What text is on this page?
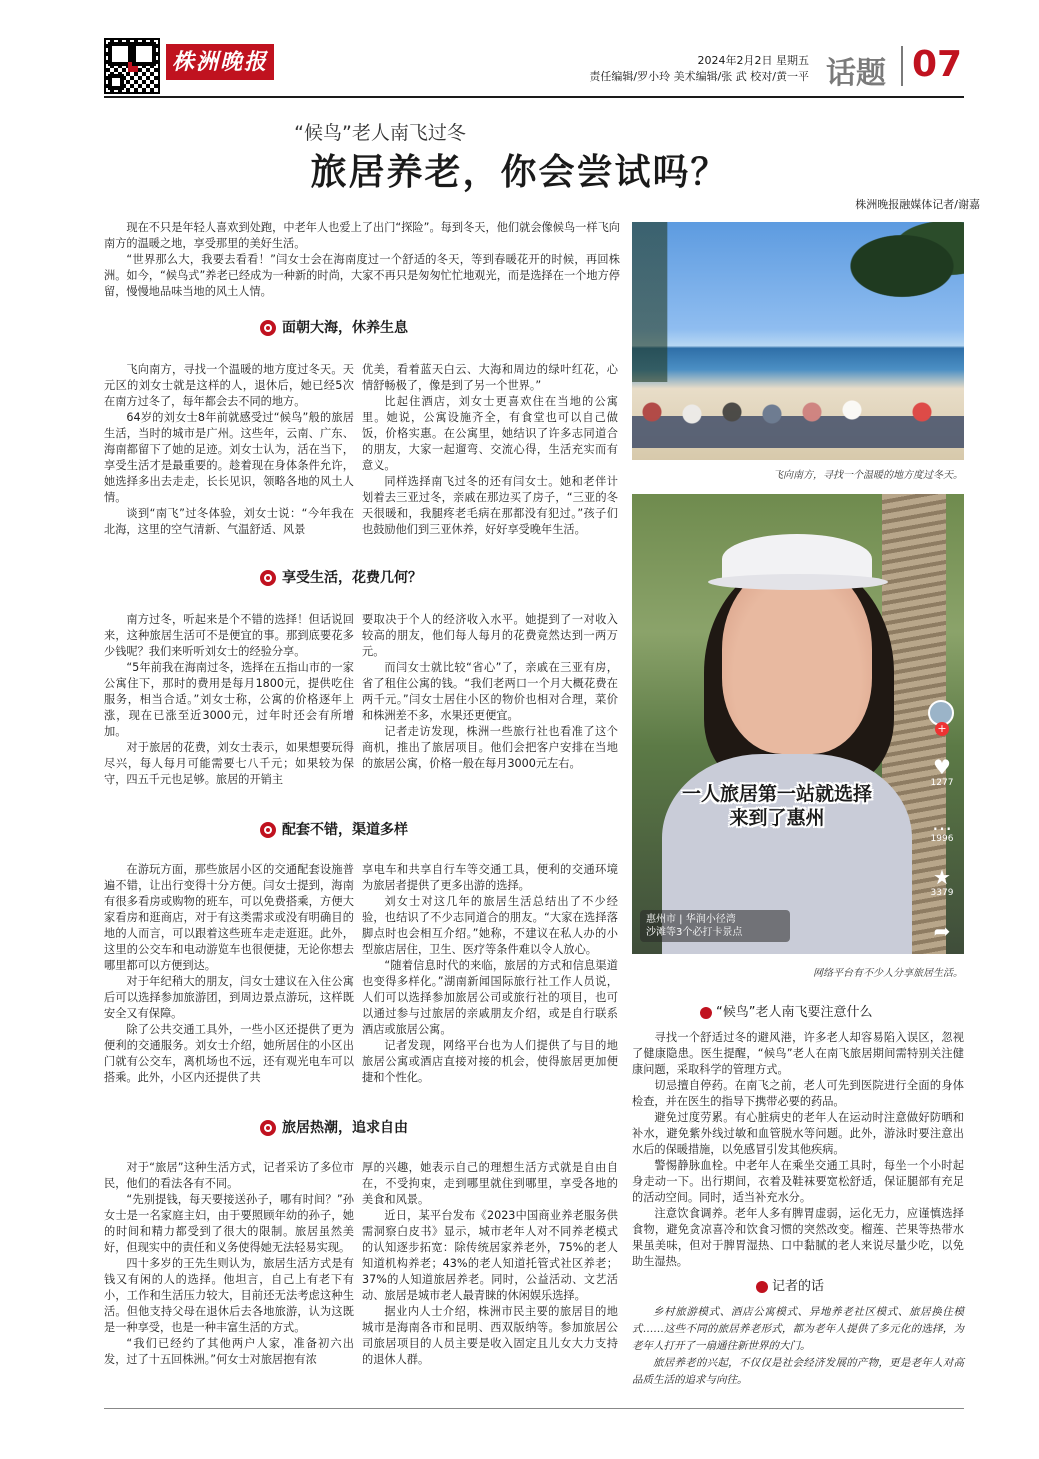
株洲晚报	2024年2月2日 星期五
责任编辑/罗小玲 美术编辑/张 武 校对/黄一平 话题 07
“候鸟”老人南飞过冬
旅居养老，你会尝试吗？
株洲晚报融媒体记者/谢嘉

现在不只是年轻人喜欢到处跑，中老年人也爱上了出门“探险”。每到冬天，他们就会像候鸟一样飞向南方的温暖之地，享受那里的美好生活。

“世界那么大，我要去看看！”闫女士会在海南度过一个舒适的冬天，等到春暖花开的时候，再回株洲。如今，“候鸟式”养老已经成为一种新的时尚，大家不再只是匆匆忙忙地观光，而是选择在一个地方停留，慢慢地品味当地的风土人情。

面朝大海，休养生息

飞向南方，寻找一个温暖的地方度过冬天。天元区的刘女士就是这样的人，退休后，她已经5次在南方过冬了，每年都会去不同的地方。

64岁的刘女士8年前就感受过“候鸟”般的旅居生活，当时的城市是广州。这些年，云南、广东、海南都留下了她的足迹。刘女士认为，活在当下，享受生活才是最重要的。趁着现在身体条件允许，她选择多出去走走，长长见识，领略各地的风土人情。

谈到“南飞”过冬体验，刘女士说：“今年我在北海，这里的空气清新、气温舒适、风景

优美，看着蓝天白云、大海和周边的绿叶红花，心情舒畅极了，像是到了另一个世界。”

比起住酒店，刘女士更喜欢住在当地的公寓里。她说，公寓设施齐全，有食堂也可以自己做饭，价格实惠。在公寓里，她结识了许多志同道合的朋友，大家一起遛弯、交流心得，生活充实而有意义。

同样选择南飞过冬的还有闫女士。她和老伴计划着去三亚过冬，亲戚在那边买了房子，“三亚的冬天很暖和，我腿疼老毛病在那都没有犯过。”孩子们也鼓励他们到三亚休养，好好享受晚年生活。

享受生活，花费几何？

南方过冬，听起来是个不错的选择！但话说回来，这种旅居生活可不是便宜的事。那到底要花多少钱呢？我们来听听刘女士的经验分享。

“5年前我在海南过冬，选择在五指山市的一家公寓住下，那时的费用是每月1800元，提供吃住服务，相当合适。”刘女士称，公寓的价格逐年上涨，现在已涨至近3000元，过年时还会有所增加。

对于旅居的花费，刘女士表示，如果想要玩得尽兴，每人每月可能需要七八千元；如果较为保守，四五千元也足够。旅居的开销主

要取决于个人的经济收入水平。她提到了一对收入较高的朋友，他们每人每月的花费竟然达到一两万元。

而闫女士就比较“省心”了，亲戚在三亚有房，省了租住公寓的钱。“我们老两口一个月大概花费在两千元。”闫女士居住小区的物价也相对合理，菜价和株洲差不多，水果还更便宜。

记者走访发现，株洲一些旅行社也看准了这个商机，推出了旅居项目。他们会把客户安排在当地的旅居公寓，价格一般在每月3000元左右。

配套不错，渠道多样

在游玩方面，那些旅居小区的交通配套设施普遍不错，让出行变得十分方便。闫女士提到，海南有很多看房或购物的班车，可以免费搭乘，方便大家看房和逛商店，对于有这类需求或没有明确目的地的人而言，可以跟着这些班车走走逛逛。此外，这里的公交车和电动游览车也很便捷，无论你想去哪里都可以方便到达。

对于年纪稍大的朋友，闫女士建议在入住公寓后可以选择参加旅游团，到周边景点游玩，这样既安全又有保障。

除了公共交通工具外，一些小区还提供了更为便利的交通服务。刘女士介绍，她所居住的小区出门就有公交车，离机场也不远，还有观光电车可以搭乘。此外，小区内还提供了共

享电车和共享自行车等交通工具，便利的交通环境为旅居者提供了更多出游的选择。

刘女士对这几年的旅居生活总结出了不少经验，也结识了不少志同道合的朋友。“大家在选择落脚点时也会相互介绍。”她称，不建议在私人办的小型旅店居住，卫生、医疗等条件难以令人放心。

“随着信息时代的来临，旅居的方式和信息渠道也变得多样化。”湖南新闻国际旅行社工作人员说，人们可以选择参加旅居公司或旅行社的项目，也可以通过参与过旅居的亲戚朋友介绍，或是自行联系酒店或旅居公寓。

记者发现，网络平台也为人们提供了与目的地旅居公寓或酒店直接对接的机会，使得旅居更加便捷和个性化。

旅居热潮，追求自由

对于“旅居”这种生活方式，记者采访了多位市民，他们的看法各有不同。

“先别提钱，每天要接送孙子，哪有时间？”孙女士是一名家庭主妇，由于要照顾年幼的孙子，她的时间和精力都受到了很大的限制。旅居虽然美好，但现实中的责任和义务使得她无法轻易实现。

四十多岁的王先生则认为，旅居生活方式是有钱又有闲的人的选择。他坦言，自己上有老下有小，工作和生活压力较大，目前还无法考虑这种生活。但他支持父母在退休后去各地旅游，认为这既是一种享受，也是一种丰富生活的方式。

“我们已经约了其他两户人家，准备初六出发，过了十五回株洲。”何女士对旅居抱有浓

厚的兴趣，她表示自己的理想生活方式就是自由自在，不受拘束，走到哪里就住到哪里，享受各地的美食和风景。

近日，某平台发布《2023中国商业养老服务供需洞察白皮书》显示，城市老年人对不同养老模式的认知逐步拓宽：除传统居家养老外，75%的老人知道机构养老；43%的老人知道托管式社区养老；37%的人知道旅居养老。同时，公益活动、文艺活动、旅居是城市老人最青睐的休闲娱乐选择。

据业内人士介绍，株洲市民主要的旅居目的地城市是海南各市和昆明、西双版纳等。参加旅居公司旅居项目的人员主要是收入固定且儿女大力支持的退休人群。

飞向南方，寻找一个温暖的地方度过冬天。
一人旅居第一站就选择
来到了惠州
+
♥
1277
…
1996
★
3379
➦
惠州市 | 华润小径湾
沙滩等3个必打卡景点
网络平台有不少人分享旅居生活。
“候鸟”老人南飞要注意什么

寻找一个舒适过冬的避风港，许多老人却容易陷入误区，忽视了健康隐患。医生提醒，“候鸟”老人在南飞旅居期间需特别关注健康问题，采取科学的管理方式。

切忌擅自停药。在南飞之前，老人可先到医院进行全面的身体检查，并在医生的指导下携带必要的药品。

避免过度劳累。有心脏病史的老年人在运动时注意做好防晒和补水，避免紫外线过敏和血管脱水等问题。此外，游泳时要注意出水后的保暖措施，以免感冒引发其他疾病。

警惕静脉血栓。中老年人在乘坐交通工具时，每坐一个小时起身走动一下。出行期间，衣着及鞋袜要宽松舒适，保证腿部有充足的活动空间。同时，适当补充水分。

注意饮食调养。老年人多有脾胃虚弱，运化无力，应谨慎选择食物，避免贪凉喜冷和饮食习惯的突然改变。榴莲、芒果等热带水果虽美味，但对于脾胃湿热、口中黏腻的老人来说尽量少吃，以免助生湿热。

记者的话

乡村旅游模式、酒店公寓模式、异地养老社区模式、旅居换住模式……这些不同的旅居养老形式，都为老年人提供了多元化的选择，为老年人打开了一扇通往新世界的大门。

旅居养老的兴起，不仅仅是社会经济发展的产物，更是老年人对高品质生活的追求与向往。
